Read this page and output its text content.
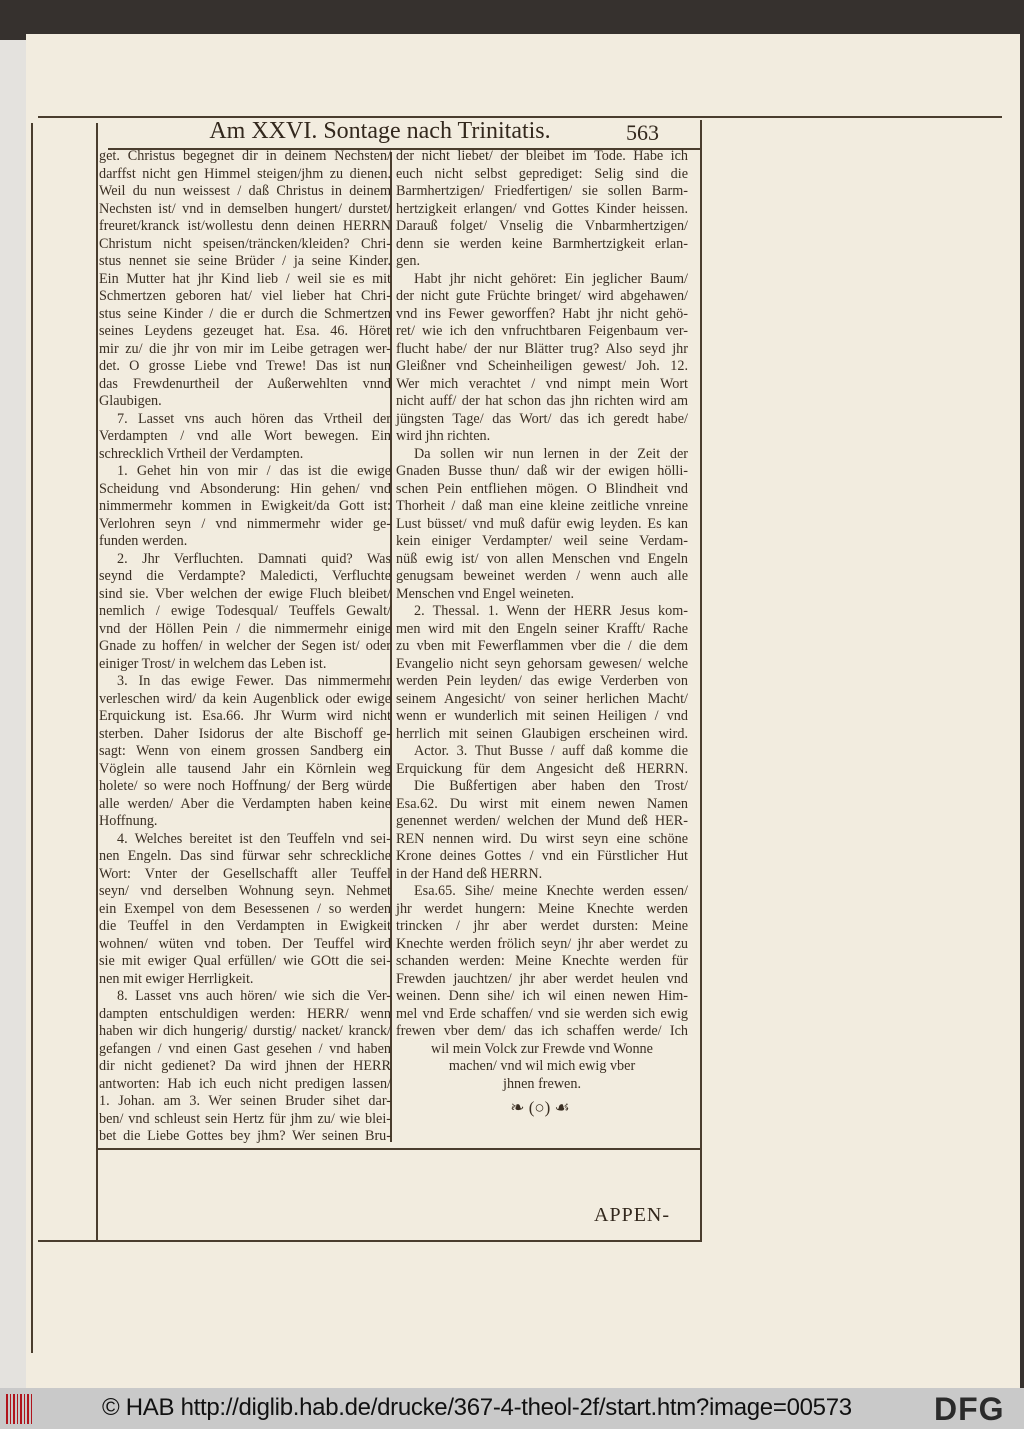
Am XXVI. Sontage nach Trinitatis.	563
get. Christus begegnet dir in deinem Nechsten/
darffst nicht gen Himmel steigen/jhm zu dienen.
Weil du nun weissest / daß Christus in deinem
Nechsten ist/ vnd in demselben hungert/ durstet/
freuret/kranck ist/wollestu denn deinen HERRN
Christum nicht speisen/träncken/kleiden? Chri-
stus nennet sie seine Brüder / ja seine Kinder.
Ein Mutter hat jhr Kind lieb / weil sie es mit
Schmertzen geboren hat/ viel lieber hat Chri-
stus seine Kinder / die er durch die Schmertzen
seines Leydens gezeuget hat. Esa. 46. Höret
mir zu/ die jhr von mir im Leibe getragen wer-
det. O grosse Liebe vnd Trewe! Das ist nun
das Frewdenurtheil der Außerwehlten vnnd
Glaubigen.
7. Lasset vns auch hören das Vrtheil der
Verdampten / vnd alle Wort bewegen. Ein
schrecklich Vrtheil der Verdampten.
1. Gehet hin von mir / das ist die ewige
Scheidung vnd Absonderung: Hin gehen/ vnd
nimmermehr kommen in Ewigkeit/da Gott ist:
Verlohren seyn / vnd nimmermehr wider ge-
funden werden.
2. Jhr Verfluchten. Damnati quid? Was
seynd die Verdampte? Maledicti, Verfluchte
sind sie. Vber welchen der ewige Fluch bleibet/
nemlich / ewige Todesqual/ Teuffels Gewalt/
vnd der Höllen Pein / die nimmermehr einige
Gnade zu hoffen/ in welcher der Segen ist/ oder
einiger Trost/ in welchem das Leben ist.
3. In das ewige Fewer. Das nimmermehr
verleschen wird/ da kein Augenblick oder ewige
Erquickung ist. Esa.66. Jhr Wurm wird nicht
sterben. Daher Isidorus der alte Bischoff ge-
sagt: Wenn von einem grossen Sandberg ein
Vöglein alle tausend Jahr ein Körnlein weg
holete/ so were noch Hoffnung/ der Berg würde
alle werden/ Aber die Verdampten haben keine
Hoffnung.
4. Welches bereitet ist den Teuffeln vnd sei-
nen Engeln. Das sind fürwar sehr schreckliche
Wort: Vnter der Gesellschafft aller Teuffel
seyn/ vnd derselben Wohnung seyn. Nehmet
ein Exempel von dem Besessenen / so werden
die Teuffel in den Verdampten in Ewigkeit
wohnen/ wüten vnd toben. Der Teuffel wird
sie mit ewiger Qual erfüllen/ wie GOtt die sei-
nen mit ewiger Herrligkeit.
8. Lasset vns auch hören/ wie sich die Ver-
dampten entschuldigen werden: HERR/ wenn
haben wir dich hungerig/ durstig/ nacket/ kranck/
gefangen / vnd einen Gast gesehen / vnd haben
dir nicht gedienet? Da wird jhnen der HERR
antworten: Hab ich euch nicht predigen lassen/
1. Johan. am 3. Wer seinen Bruder sihet dar-
ben/ vnd schleust sein Hertz für jhm zu/ wie blei-
bet die Liebe Gottes bey jhm? Wer seinen Bru-
der nicht liebet/ der bleibet im Tode. Habe ich
euch nicht selbst geprediget: Selig sind die
Barmhertzigen/ Friedfertigen/ sie sollen Barm-
hertzigkeit erlangen/ vnd Gottes Kinder heissen.
Darauß folget/ Vnselig die Vnbarmhertzigen/
denn sie werden keine Barmhertzigkeit erlan-
gen.
Habt jhr nicht gehöret: Ein jeglicher Baum/
der nicht gute Früchte bringet/ wird abgehawen/
vnd ins Fewer geworffen? Habt jhr nicht gehö-
ret/ wie ich den vnfruchtbaren Feigenbaum ver-
flucht habe/ der nur Blätter trug? Also seyd jhr
Gleißner vnd Scheinheiligen gewest/ Joh. 12.
Wer mich verachtet / vnd nimpt mein Wort
nicht auff/ der hat schon das jhn richten wird am
jüngsten Tage/ das Wort/ das ich geredt habe/
wird jhn richten.
Da sollen wir nun lernen in der Zeit der
Gnaden Busse thun/ daß wir der ewigen hölli-
schen Pein entfliehen mögen. O Blindheit vnd
Thorheit / daß man eine kleine zeitliche vnreine
Lust büsset/ vnd muß dafür ewig leyden. Es kan
kein einiger Verdampter/ weil seine Verdam-
nüß ewig ist/ von allen Menschen vnd Engeln
genugsam beweinet werden / wenn auch alle
Menschen vnd Engel weineten.
2. Thessal. 1. Wenn der HERR Jesus kom-
men wird mit den Engeln seiner Krafft/ Rache
zu vben mit Fewerflammen vber die / die dem
Evangelio nicht seyn gehorsam gewesen/ welche
werden Pein leyden/ das ewige Verderben von
seinem Angesicht/ von seiner herlichen Macht/
wenn er wunderlich mit seinen Heiligen / vnd
herrlich mit seinen Glaubigen erscheinen wird.
Actor. 3. Thut Busse / auff daß komme die
Erquickung für dem Angesicht deß HERRN.
Die Bußfertigen aber haben den Trost/
Esa.62. Du wirst mit einem newen Namen
genennet werden/ welchen der Mund deß HER-
REN nennen wird. Du wirst seyn eine schöne
Krone deines Gottes / vnd ein Fürstlicher Hut
in der Hand deß HERRN.
Esa.65. Sihe/ meine Knechte werden essen/
jhr werdet hungern: Meine Knechte werden
trincken / jhr aber werdet dursten: Meine
Knechte werden frölich seyn/ jhr aber werdet zu
schanden werden: Meine Knechte werden für
Frewden jauchtzen/ jhr aber werdet heulen vnd
weinen. Denn sihe/ ich wil einen newen Him-
mel vnd Erde schaffen/ vnd sie werden sich ewig
frewen vber dem/ das ich schaffen werde/ Ich
wil mein Volck zur Frewde vnd Wonne
machen/ vnd wil mich ewig vber
jhnen frewen.
❧ (○) ☙
APPEN-
© HAB http://diglib.hab.de/drucke/367-4-theol-2f/start.htm?image=00573	DFG
